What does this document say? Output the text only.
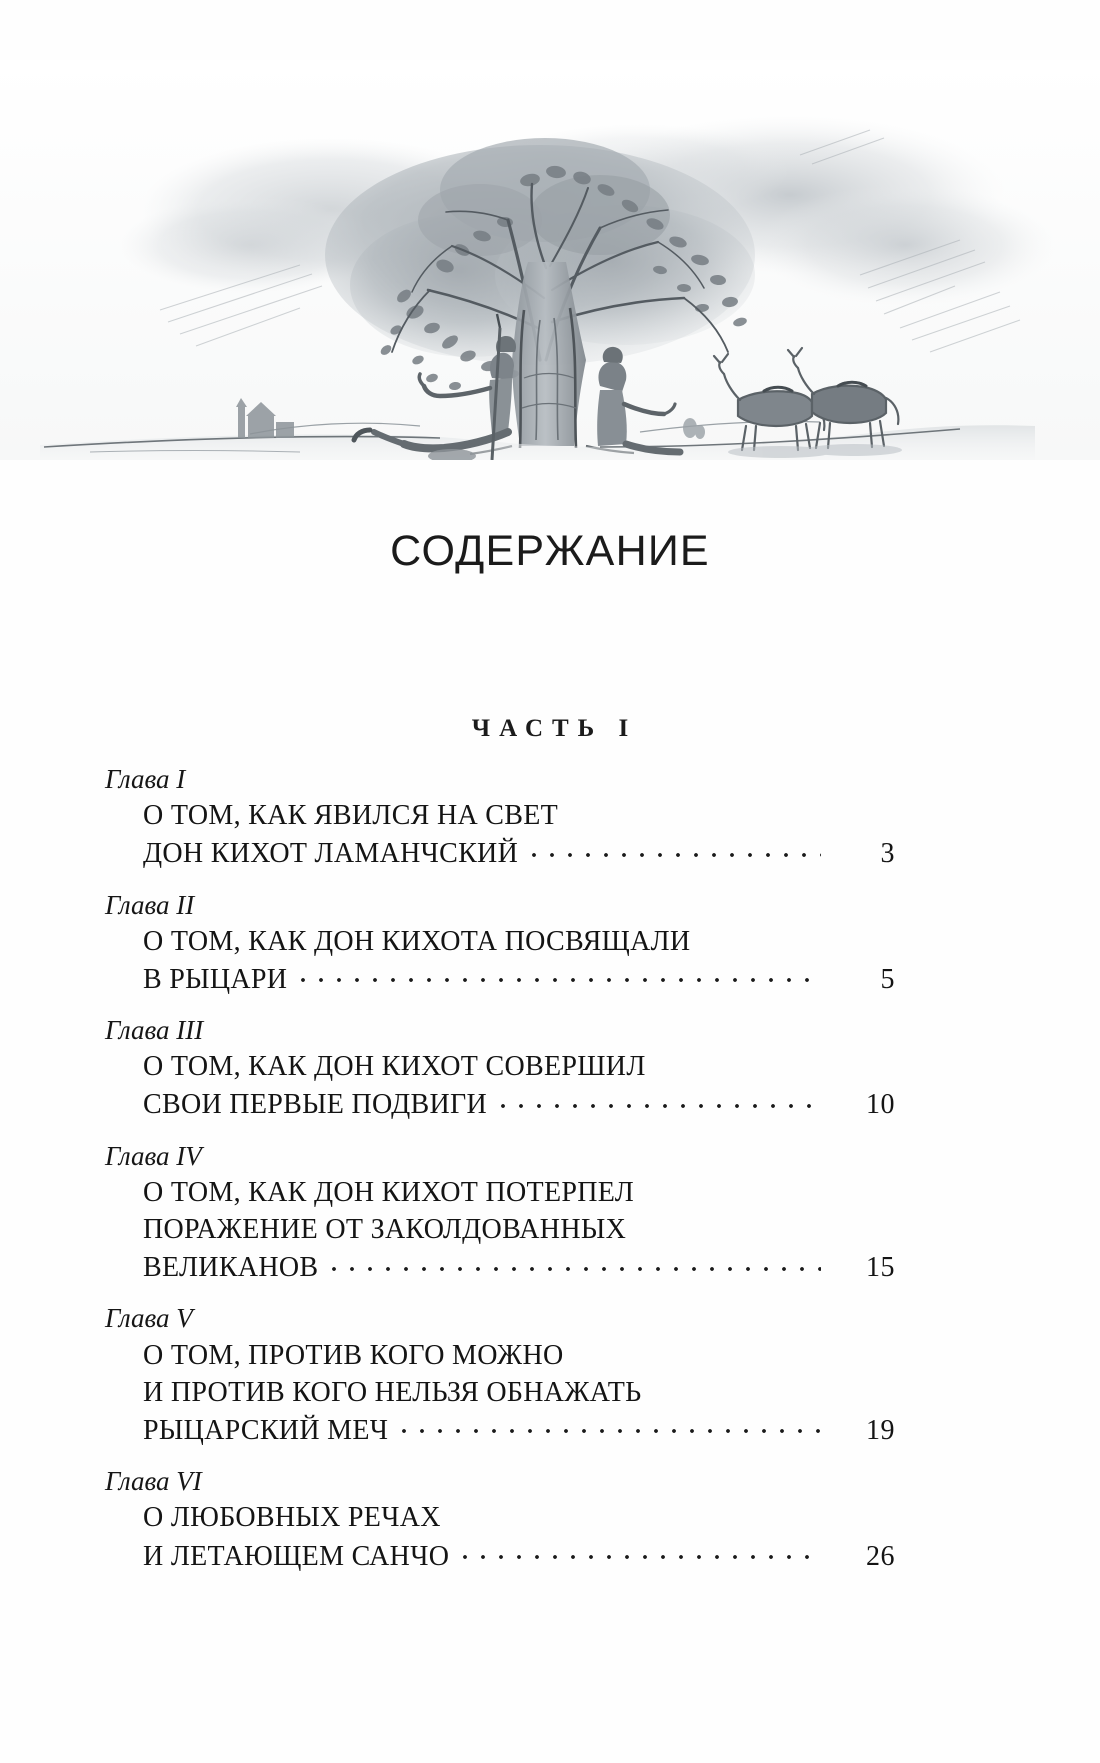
СОДЕРЖАНИЕ
ЧАСТЬ I
Глава I
О ТОМ, КАК ЯВИЛСЯ НА СВЕТ
ДОН КИХОТ ЛАМАНЧСКИЙ	3
Глава II
О ТОМ, КАК ДОН КИХОТА ПОСВЯЩАЛИ
В РЫЦАРИ	5
Глава III
О ТОМ, КАК ДОН КИХОТ СОВЕРШИЛ
СВОИ ПЕРВЫЕ ПОДВИГИ	10
Глава IV
О ТОМ, КАК ДОН КИХОТ ПОТЕРПЕЛ
ПОРАЖЕНИЕ ОТ ЗАКОЛДОВАННЫХ
ВЕЛИКАНОВ	15
Глава V
О ТОМ, ПРОТИВ КОГО МОЖНО
И ПРОТИВ КОГО НЕЛЬЗЯ ОБНАЖАТЬ
РЫЦАРСКИЙ МЕЧ	19
Глава VI
О ЛЮБОВНЫХ РЕЧАХ
И ЛЕТАЮЩЕМ САНЧО	26
